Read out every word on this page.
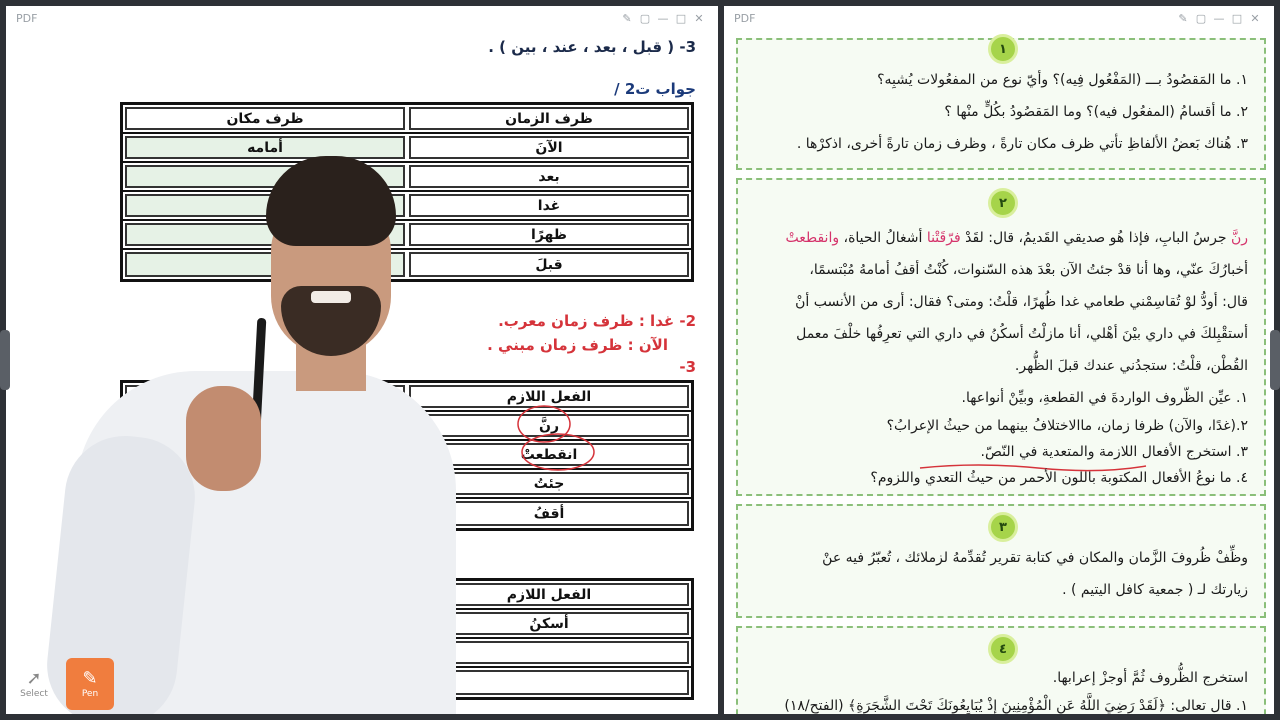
PDF	✎ ▢ — □ ✕
3- ( قبل ، بعد ، عند ، بين ) .
جواب ت2 /
ظرف الزمان
ظرف مكان
الآنَ
أمامه
بعد
غدا
ظهرًا
قبلَ
2- غدا : ظرف زمان معرب.
الآن : ظرف زمان مبني .
3-
الفعل اللازم
رنَّ
انقطعتْ
جئتُ
أقفُ
الفعل اللازم
أسكنُ
➚
Select
✎
Pen
PDF	✎ ▢ — □ ✕
١
١. ما المَقصُودُ بـــ (المَفْعُول فِيه)؟ وأيّ نوع من المفعُولات يُشبِه؟
٢. ما أقسامُ (المفعُول فيه)؟ وما المَقصُودُ بكُلٍّ منْها ؟
٣. هُناك بَعضُ الألفاظِ تأتي ظرف مكان تارةً ، وظرف زمان تارةً أخرى، اذكرْها .
٢
رنَّ جرسُ البابِ، فإذا هُو صديقي القَديمُ، قال: لقَدْ فرّقَتْنا أشغالُ الحياة، وانقطعتْ
أخبارُكَ عنّي، وها أنا قدْ جئتُ الآن بعْدَ هذه السّنوات، كُنْتُ أقفُ أمامهُ مُبْتسمًا،
قال: أودُّ لوْ تُقاسِمْني طعامي غدا ظُهرًا، قلْتُ: ومتى؟ فقال: أرى من الأنسب أنْ
أستقْبِلكَ في داري بيْنَ أهْلي، أنا مازلْتُ أسكُنُ في داري التي تعرِفُها خلْفَ معمل
القُطْن، قلْتُ: ستجدُني عندك قبلَ الظُّهر.
١. عيِّن الظّروف الواردةَ في القطعةِ، وبيِّنْ أنواعها.
٢.(غدًا، والآن) ظرفا زمان، ماالاختلافُ بينهما من حيثُ الإعرابُ؟
٣. استخرج الأفعال اللازمة والمتعدية في النّصّ.
٤. ما نوعُ الأفعال المكتوبة باللون الأحمر من حيثُ التعدي واللزوم؟
٣
وظِّفْ ظُروفَ الزَّمان والمكان في كتابة تقرير تُقدِّمهُ لزملائك ، تُعبّرُ فيه عنْ
زيارتك لـ ( جمعية كافل اليتيم ) .
٤
استخرج الظُّروف ثُمَّ أوجزْ إعرابها.
١. قال تعالى: ﴿لَقَدْ رَضِيَ اللَّهُ عَنِ الْمُؤْمِنِينَ إِذْ يُبَايِعُونَكَ تَحْتَ الشَّجَرَةِ﴾ (الفتح/١٨)
